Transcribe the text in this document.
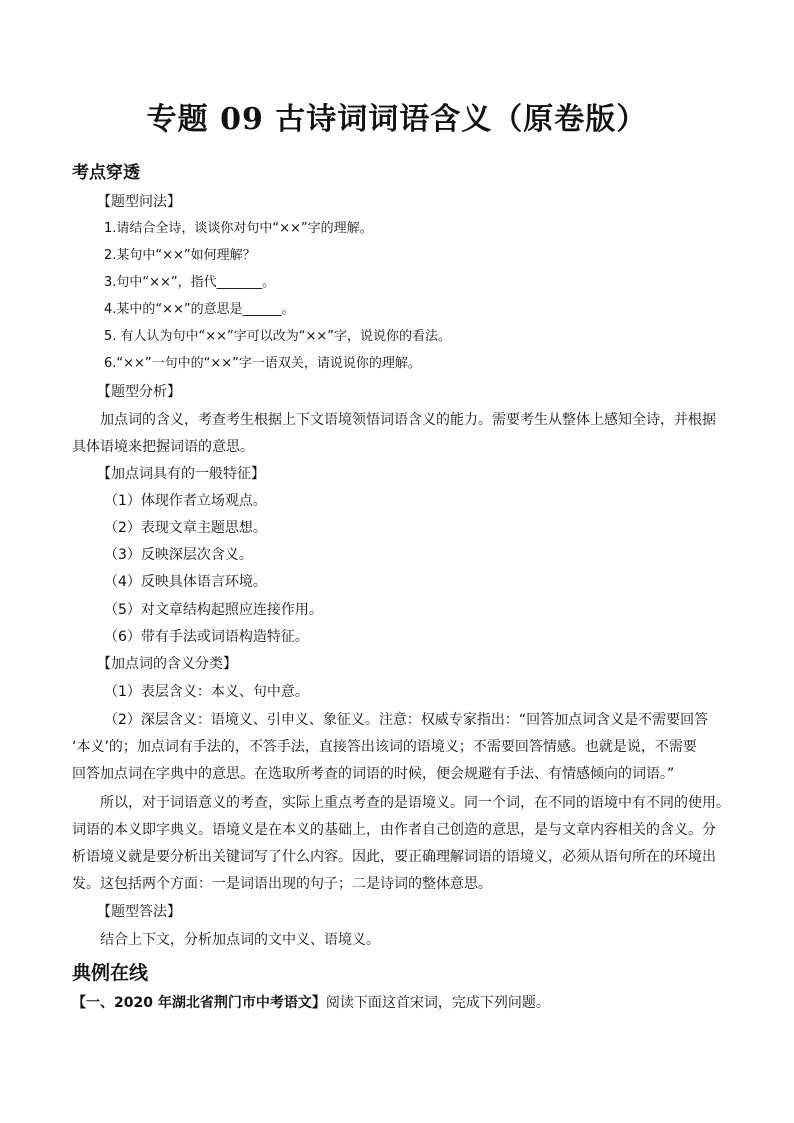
专题 09 古诗词词语含义（原卷版）
考点穿透
【题型问法】
1.请结合全诗，谈谈你对句中“××”字的理解。
2.某句中“××”如何理解？
3.句中“××”，指代_______。
4.某中的“××”的意思是______。
5. 有人认为句中“××”字可以改为“××”字，说说你的看法。
6.“××”一句中的“××”字一语双关，请说说你的理解。
【题型分析】
加点词的含义，考查考生根据上下文语境领悟词语含义的能力。需要考生从整体上感知全诗，并根据
具体语境来把握词语的意思。
【加点词具有的一般特征】
（1）体现作者立场观点。
（2）表现文章主题思想。
（3）反映深层次含义。
（4）反映具体语言环境。
（5）对文章结构起照应连接作用。
（6）带有手法或词语构造特征。
【加点词的含义分类】
（1）表层含义：本义、句中意。
（2）深层含义：语境义、引申义、象征义。注意：权威专家指出：“回答加点词含义是不需要回答
‘本义’的；加点词有手法的，不答手法，直接答出该词的语境义；不需要回答情感。也就是说，不需要
回答加点词在字典中的意思。在选取所考查的词语的时候，便会规避有手法、有情感倾向的词语。”
所以，对于词语意义的考查，实际上重点考查的是语境义。同一个词，在不同的语境中有不同的使用。
词语的本义即字典义。语境义是在本义的基础上，由作者自己创造的意思，是与文章内容相关的含义。分
析语境义就是要分析出关键词写了什么内容。因此，要正确理解词语的语境义，必须从语句所在的环境出
发。这包括两个方面：一是词语出现的句子；二是诗词的整体意思。
【题型答法】
结合上下文，分析加点词的文中义、语境义。
典例在线
【一、2020 年湖北省荆门市中考语文】阅读下面这首宋词，完成下列问题。
